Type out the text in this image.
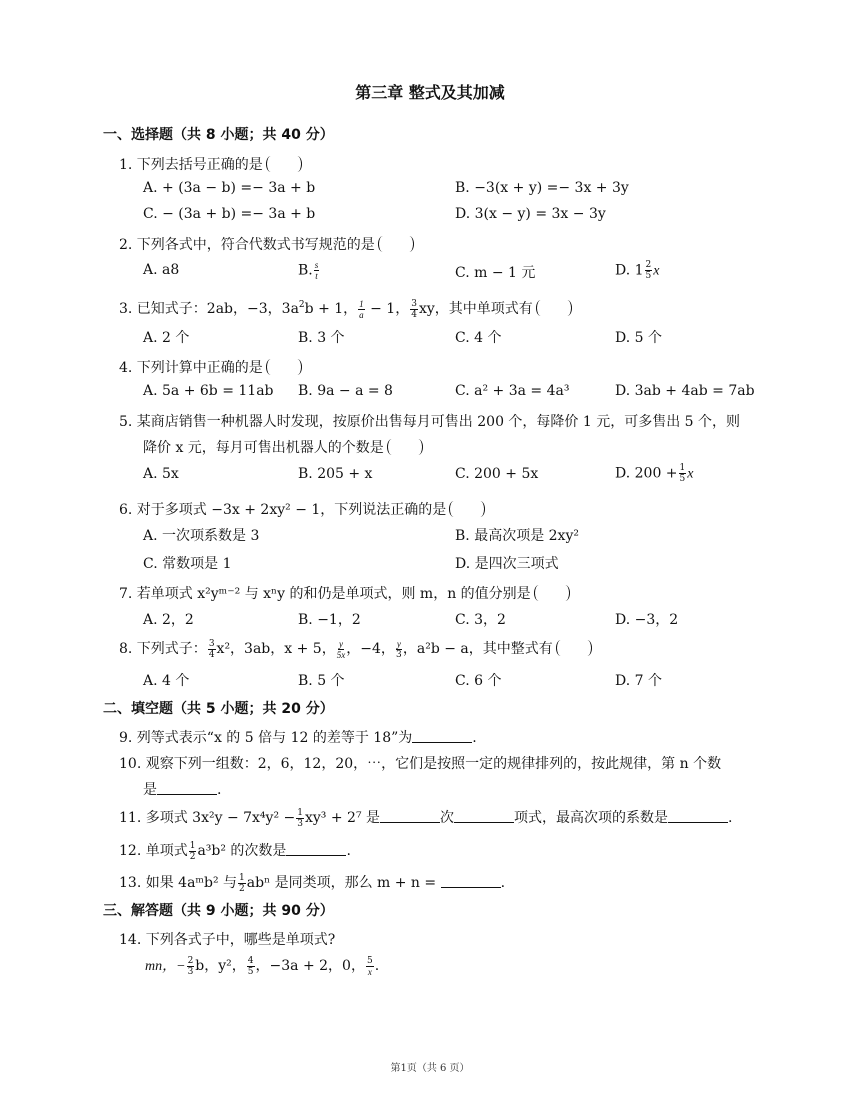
第三章 整式及其加减
一、选择题（共 8 小题；共 40 分）
1. 下列去括号正确的是
A. + (3a − b) =− 3a + b	B. −3(x + y) =− 3x + 3y
C. − (3a + b) =− 3a + b	D. 3(x − y) = 3x − 3y
2. 下列各式中，符合代数式书写规范的是
A. a8	B. $\frac{s}{t}$	C. m − 1 元	D. $1 \frac{2}{5}$ x
3. 已知式子：2ab，−3，$3a^2b + 1$， $\frac{1}{a} - 1$， $\frac{3}{4}$ xy，其中单项式有
A. 2 个	B. 3 个	C. 4 个	D. 5 个
4. 下列计算中正确的是
A. 5a + 6b = 11ab B. 9a − a = 8	C. a² + 3a = 4a³	D. 3ab + 4ab = 7ab
5. 某商店销售一种机器人时发现，按原价出售每月可售出 200 个，每降价 1 元，可多售出 5 个，则
降价 x 元，每月可售出机器人的个数是
A. 5x	B. 205 + x	C. 200 + 5x	D. $200 + \frac{1}{5}$ x
6. 对于多项式 −3x + 2xy² − 1，下列说法正确的是
A. 一次项系数是 3	B. 最高次项是 2xy²
C. 常数项是 1	D. 是四次三项式
7. 若单项式 x²yᵐ⁻² 与 xⁿy 的和仍是单项式，则 m，n 的值分别是
A. 2，2	B. −1，2	C. 3，2	D. −3，2
8. 下列式子： $\frac{3}{4} x^2$，3ab，x + 5， $\frac{y}{5x}$ ，−4， $\frac{y}{3}$ ，a²b − a，其中整式有
A. 4 个	B. 5 个	C. 6 个	D. 7 个
二、填空题（共 5 小题；共 20 分）
9. 列等式表示“x 的 5 倍与 12 的差等于 18”为	.
10. 观察下列一组数：2，6，12，20，⋯，它们是按照一定的规律排列的，按此规律，第 n 个数
是	.
11. 多项式 $3x^2y - 7x^4y^2 - \frac{1}{3} xy^3 + 2^7$ 是	次	项式，最高次项的系数是	.
12. 单项式 $\frac{1}{2} a^3b^2$ 的次数是	.
13. 如果 4aᵐb² 与 $\frac{1}{2}$ abⁿ 是同类项，那么 m + n =	.
三、解答题（共 9 小题；共 90 分）
14. 下列各式子中，哪些是单项式?
mn，− $\frac{2}{3}$ b，y²， $\frac{4}{5}$ ，−3a + 2，0， $\frac{5}{x}$ .
第1页（共 6 页）
